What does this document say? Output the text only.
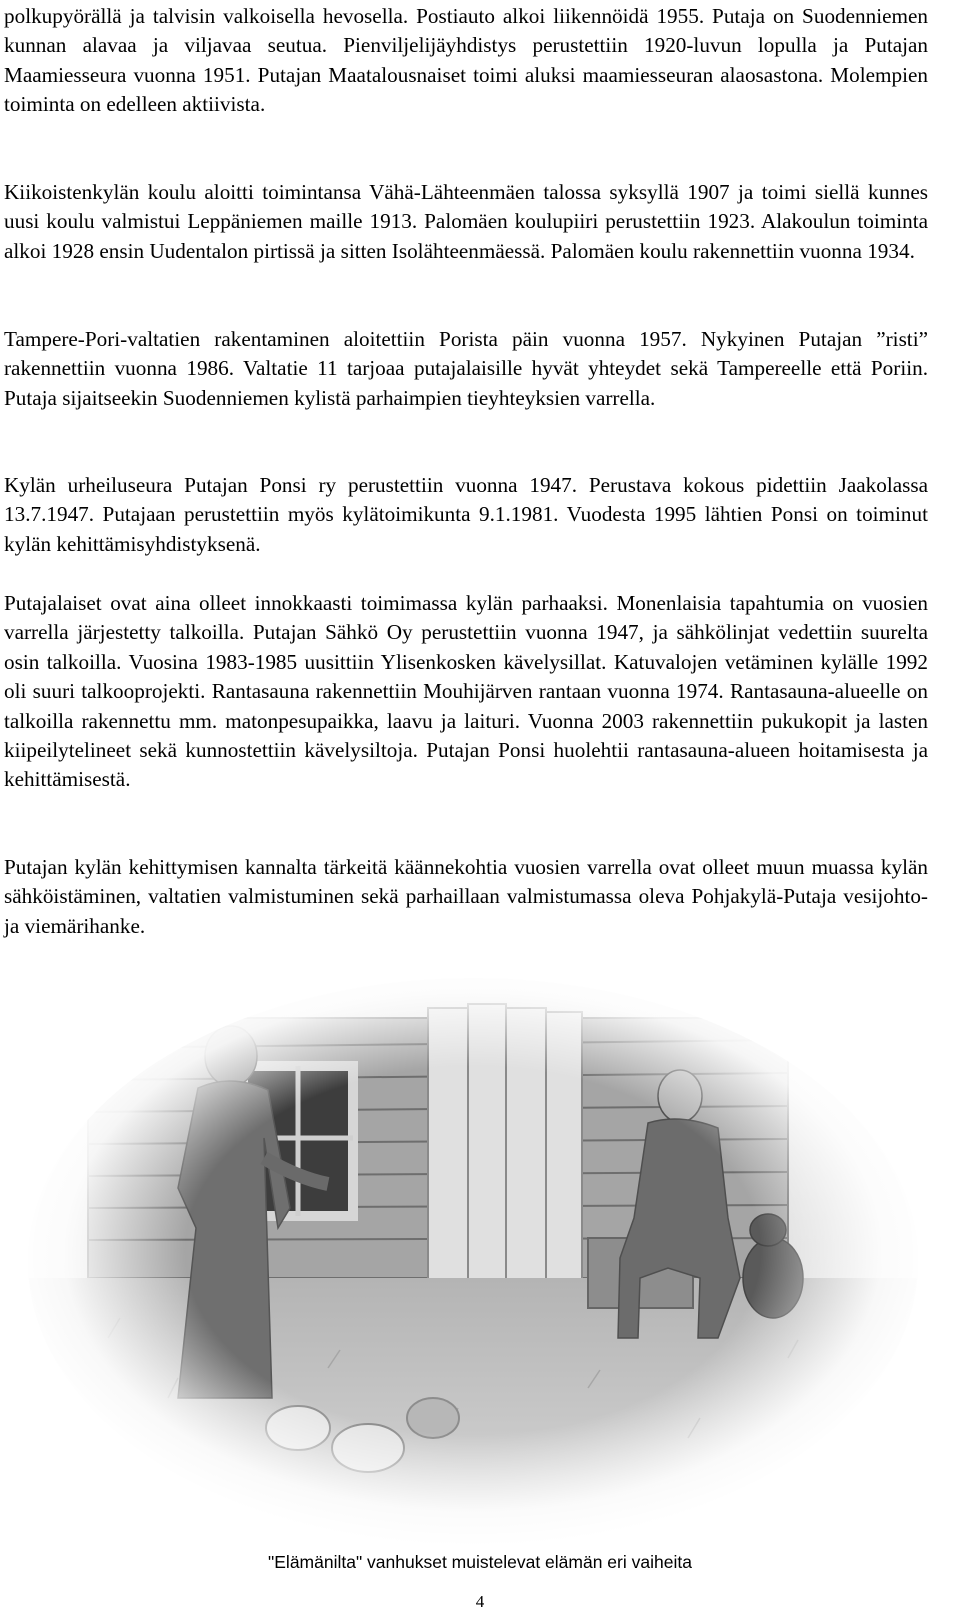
polkupyörällä ja talvisin valkoisella hevosella. Postiauto alkoi liikennöidä 1955. Putaja on Suodenniemen kunnan alavaa ja viljavaa seutua. Pienviljelijäyhdistys perustettiin 1920-luvun lopulla ja Putajan Maamiesseura vuonna 1951. Putajan Maatalousnaiset toimi aluksi maamiesseuran alaosastona. Molempien toiminta on edelleen aktiivista.

Kiikoistenkylän koulu aloitti toimintansa Vähä-Lähteenmäen talossa syksyllä 1907 ja toimi siellä kunnes uusi koulu valmistui Leppäniemen maille 1913. Palomäen koulupiiri perustettiin 1923. Alakoulun toiminta alkoi 1928 ensin Uudentalon pirtissä ja sitten Isolähteenmäessä. Palomäen koulu rakennettiin vuonna 1934.

Tampere-Pori-valtatien rakentaminen aloitettiin Porista päin vuonna 1957. Nykyinen Putajan ”risti” rakennettiin vuonna 1986. Valtatie 11 tarjoaa putajalaisille hyvät yhteydet sekä Tampereelle että Poriin. Putaja sijaitseekin Suodenniemen kylistä parhaimpien tieyhteyksien varrella.

Kylän urheiluseura Putajan Ponsi ry perustettiin vuonna 1947. Perustava kokous pidettiin Jaakolassa 13.7.1947. Putajaan perustettiin myös kylätoimikunta 9.1.1981. Vuodesta 1995 lähtien Ponsi on toiminut kylän kehittämisyhdistyksenä.

Putajalaiset ovat aina olleet innokkaasti toimimassa kylän parhaaksi. Monenlaisia tapahtumia on vuosien varrella järjestetty talkoilla. Putajan Sähkö Oy perustettiin vuonna 1947, ja sähkölinjat vedettiin suurelta osin talkoilla. Vuosina 1983-1985 uusittiin Ylisenkosken kävelysillat. Katuvalojen vetäminen kylälle 1992 oli suuri talkooprojekti. Rantasauna rakennettiin Mouhijärven rantaan vuonna 1974. Rantasauna-alueelle on talkoilla rakennettu mm. matonpesupaikka, laavu ja laituri. Vuonna 2003 rakennettiin pukukopit ja lasten kiipeilytelineet sekä kunnostettiin kävelysiltoja. Putajan Ponsi huolehtii rantasauna-alueen hoitamisesta ja kehittämisestä.

Putajan kylän kehittymisen kannalta tärkeitä käännekohtia vuosien varrella ovat olleet muun muassa kylän sähköistäminen, valtatien valmistuminen sekä parhaillaan valmistumassa oleva Pohjakylä-Putaja vesijohto- ja viemärihanke.

"Elämänilta" vanhukset muistelevat elämän eri vaiheita
4
